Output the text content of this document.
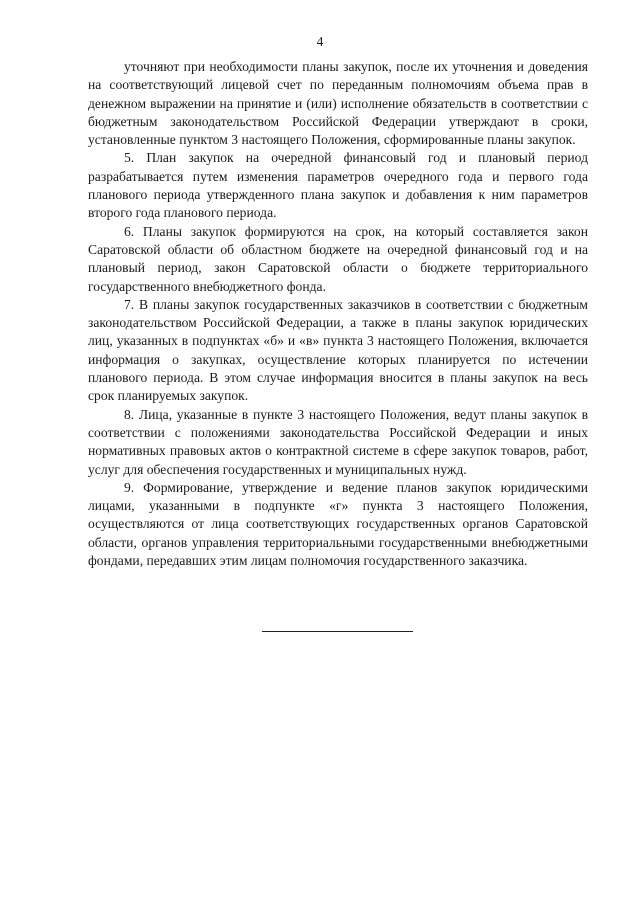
4

уточняют при необходимости планы закупок, после их уточнения и доведения на соответствующий лицевой счет по переданным полномочиям объема прав в денежном выражении на принятие и (или) исполнение обязательств в соответствии с бюджетным законодательством Российской Федерации утверждают в сроки, установленные пунктом 3 настоящего Положения, сформированные планы закупок.

5. План закупок на очередной финансовый год и плановый период разрабатывается путем изменения параметров очередного года и первого года планового периода утвержденного плана закупок и добавления к ним параметров второго года планового периода.

6. Планы закупок формируются на срок, на который составляется закон Саратовской области об областном бюджете на очередной финансовый год и на плановый период, закон Саратовской области о бюджете территориального государственного внебюджетного фонда.

7. В планы закупок государственных заказчиков в соответствии с бюджетным законодательством Российской Федерации, а также в планы закупок юридических лиц, указанных в подпунктах «б» и «в» пункта 3 настоящего Положения, включается информация о закупках, осуществление которых планируется по истечении планового периода. В этом случае информация вносится в планы закупок на весь срок планируемых закупок.

8. Лица, указанные в пункте 3 настоящего Положения, ведут планы закупок в соответствии с положениями законодательства Российской Федерации и иных нормативных правовых актов о контрактной системе в сфере закупок товаров, работ, услуг для обеспечения государственных и муниципальных нужд.

9. Формирование, утверждение и ведение планов закупок юридическими лицами, указанными в подпункте «г» пункта 3 настоящего Положения, осуществляются от лица соответствующих государственных органов Саратовской области, органов управления территориальными государственными внебюджетными фондами, передавших этим лицам полномочия государственного заказчика.
